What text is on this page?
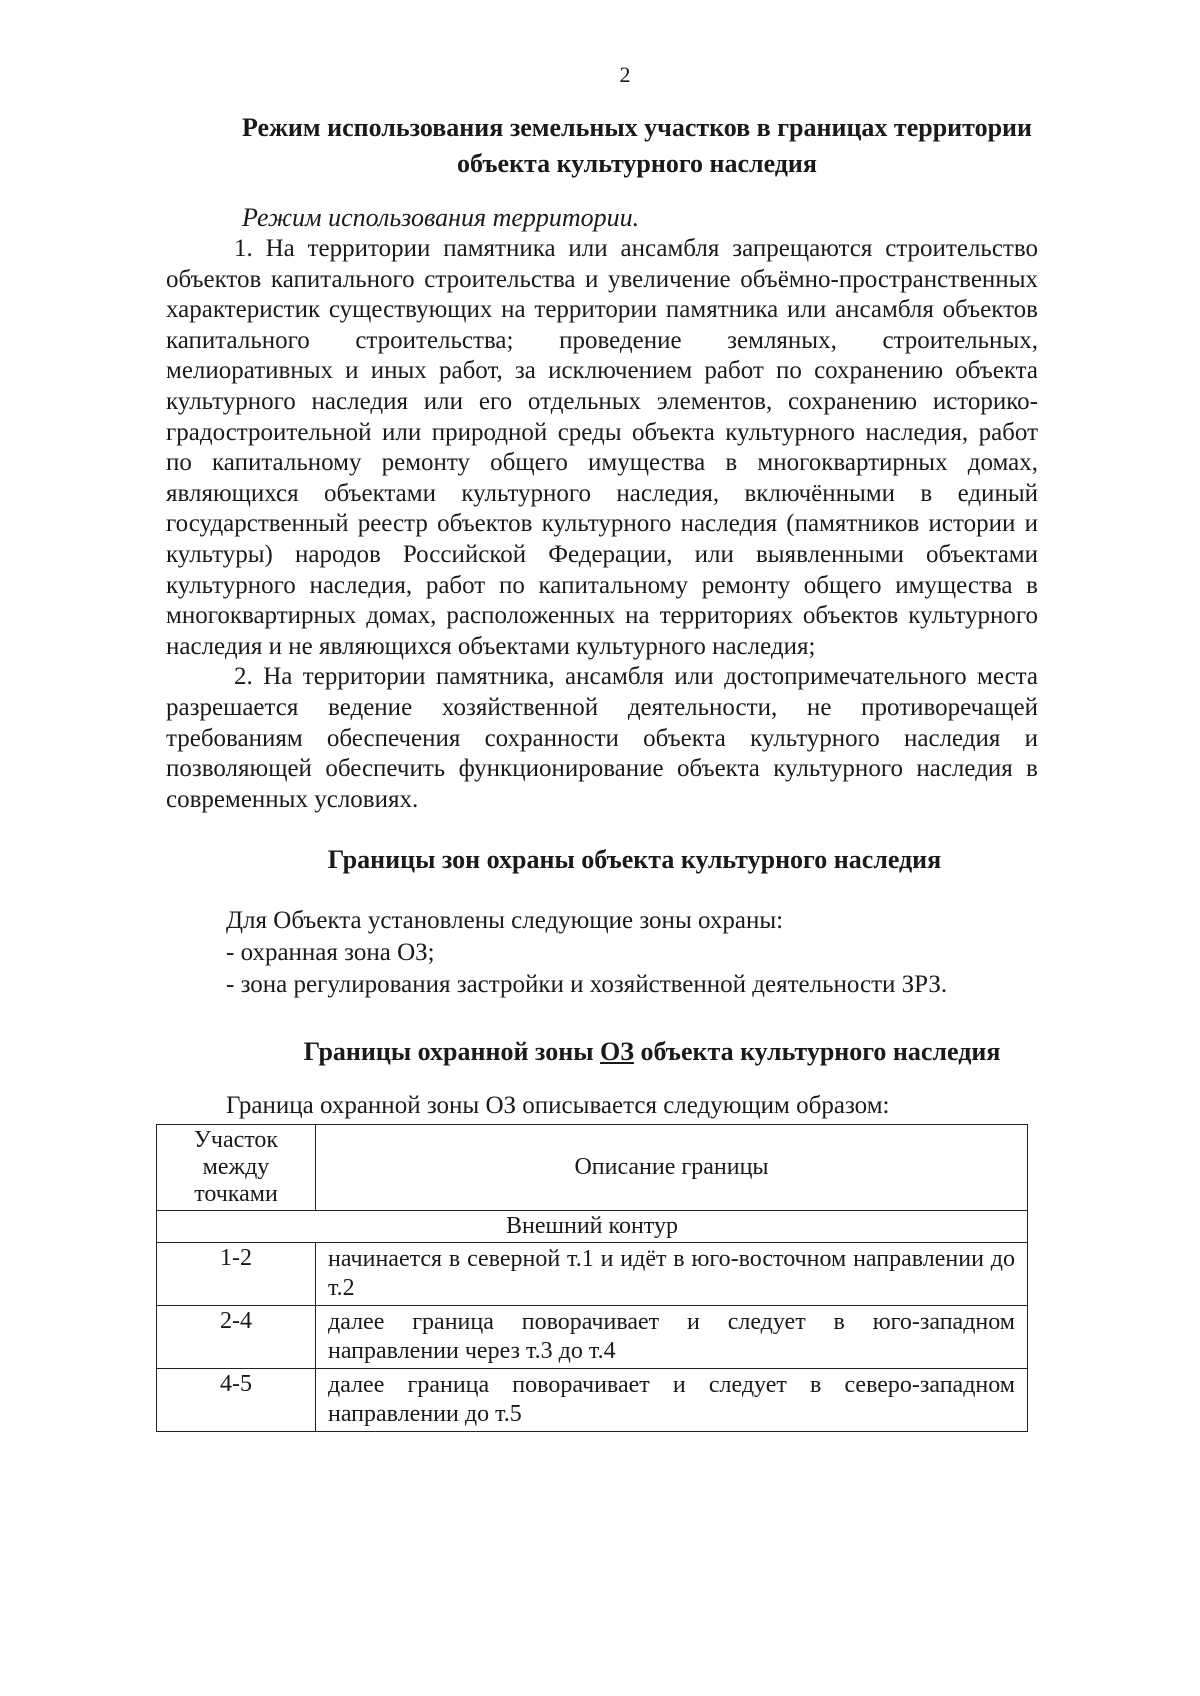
2
Режим использования земельных участков в границах территории объекта культурного наследия
Режим использования территории.

1. На территории памятника или ансамбля запрещаются строительство объектов капитального строительства и увеличение объёмно-пространственных характеристик существующих на территории памятника или ансамбля объектов капитального строительства; проведение земляных, строительных, мелиоративных и иных работ, за исключением работ по сохранению объекта культурного наследия или его отдельных элементов, сохранению историко-градостроительной или природной среды объекта культурного наследия, работ по капитальному ремонту общего имущества в многоквартирных домах, являющихся объектами культурного наследия, включёнными в единый государственный реестр объектов культурного наследия (памятников истории и культуры) народов Российской Федерации, или выявленными объектами культурного наследия, работ по капитальному ремонту общего имущества в многоквартирных домах, расположенных на территориях объектов культурного наследия и не являющихся объектами культурного наследия;

2. На территории памятника, ансамбля или достопримечательного места разрешается ведение хозяйственной деятельности, не противоречащей требованиям обеспечения сохранности объекта культурного наследия и позволяющей обеспечить функционирование объекта культурного наследия в современных условиях.

Границы зон охраны объекта культурного наследия

Для Объекта установлены следующие зоны охраны:

- охранная зона ОЗ;

- зона регулирования застройки и хозяйственной деятельности ЗРЗ.

Границы охранной зоны ОЗ объекта культурного наследия

Граница охранной зоны ОЗ описывается следующим образом:

Участок между точками	Описание границы
Внешний контур	
1-2	начинается в северной т.1 и идёт в юго-восточном направлении до т.2
2-4	далее граница поворачивает и следует в юго-западном направлении через т.3 до т.4
4-5	далее граница поворачивает и следует в северо-западном направлении до т.5
